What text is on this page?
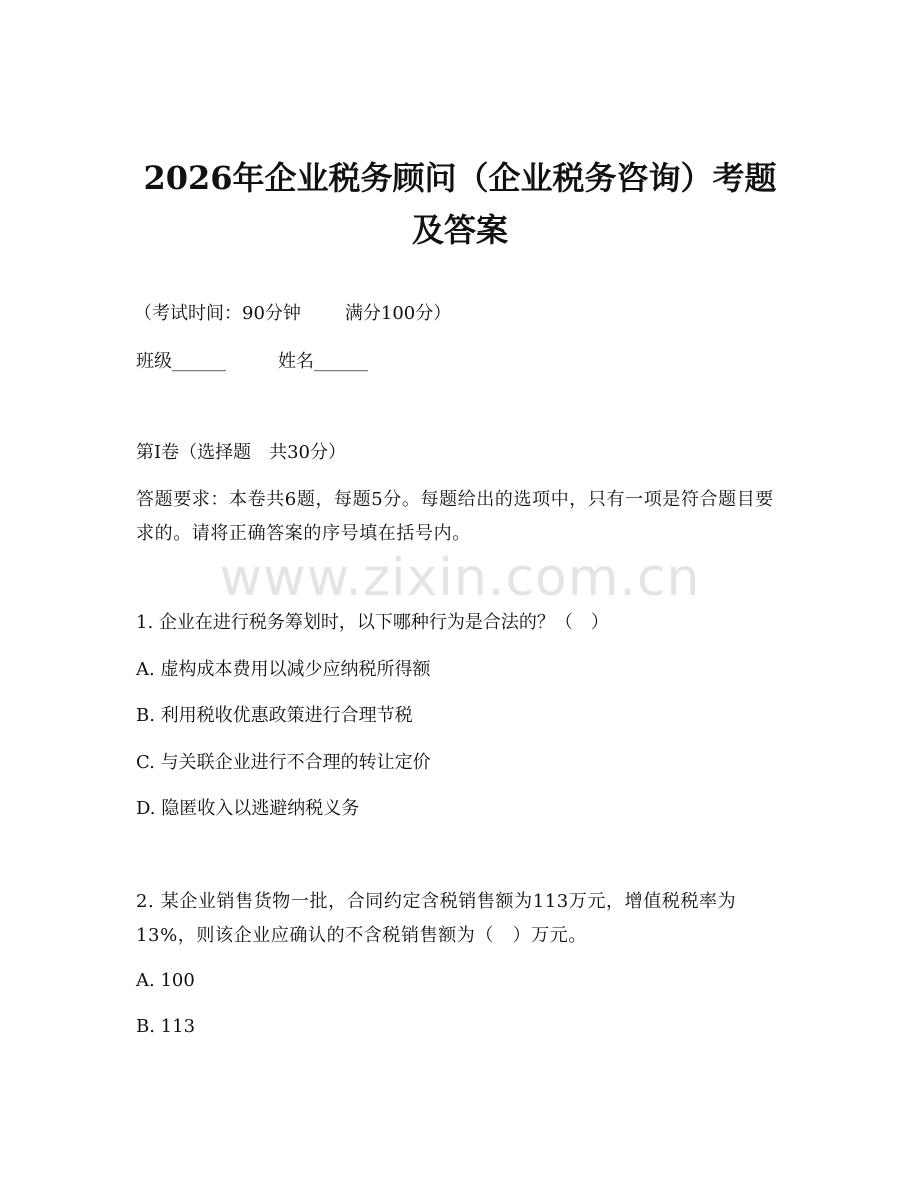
2026年企业税务顾问（企业税务咨询）考题
及答案
（考试时间：90分钟 满分100分）
班级______	姓名______
第I卷（选择题　共30分）
答题要求：本卷共6题，每题5分。每题给出的选项中，只有一项是符合题目要求的。请将正确答案的序号填在括号内。
www.zixin.com.cn
1. 企业在进行税务筹划时，以下哪种行为是合法的？（　）
A. 虚构成本费用以减少应纳税所得额
B. 利用税收优惠政策进行合理节税
C. 与关联企业进行不合理的转让定价
D. 隐匿收入以逃避纳税义务
2. 某企业销售货物一批，合同约定含税销售额为113万元，增值税税率为13%，则该企业应确认的不含税销售额为（　）万元。
A. 100
B. 113
